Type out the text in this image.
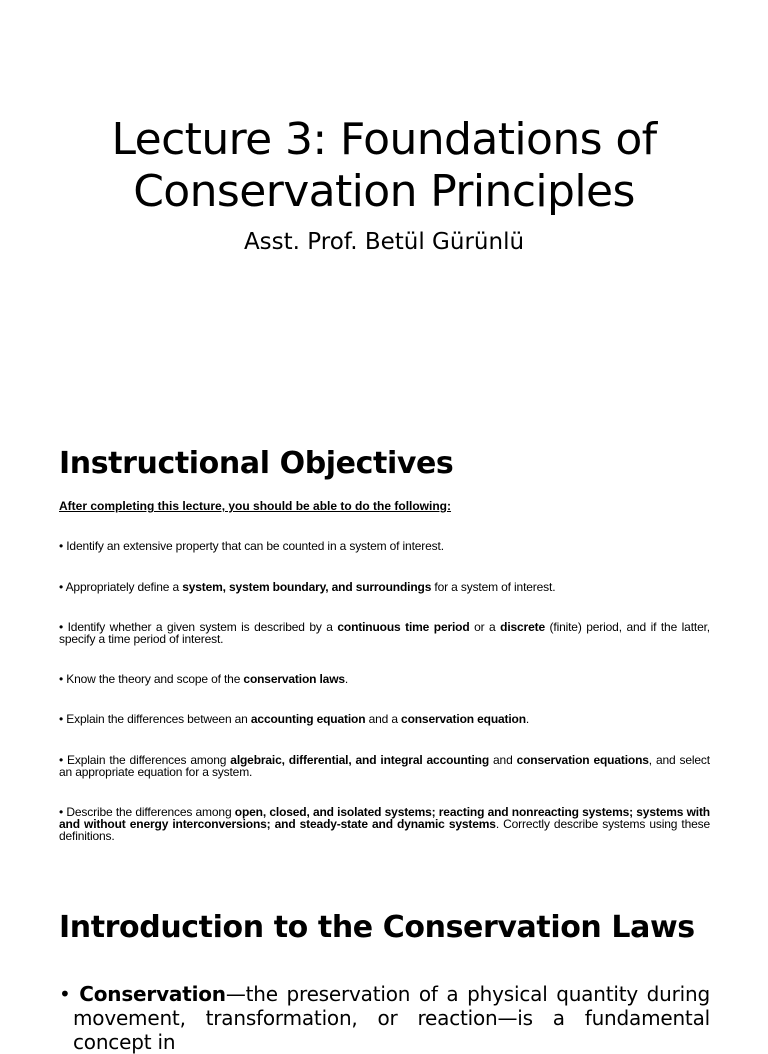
Lecture 3: Foundations of
Conservation Principles
Asst. Prof. Betül Gürünlü
Instructional Objectives
After completing this lecture, you should be able to do the following:
• Identify an extensive property that can be counted in a system of interest.
• Appropriately define a system, system boundary, and surroundings for a system of interest.
• Identify whether a given system is described by a continuous time period or a discrete (finite) period, and if the latter, specify a time period of interest.
• Know the theory and scope of the conservation laws.
• Explain the differences between an accounting equation and a conservation equation.
• Explain the differences among algebraic, differential, and integral accounting and conservation equations, and select an appropriate equation for a system.
• Describe the differences among open, closed, and isolated systems; reacting and nonreacting systems; systems with and without energy interconversions; and steady-state and dynamic systems. Correctly describe systems using these definitions.
Introduction to the Conservation Laws
• Conservation—the preservation of a physical quantity during
movement, transformation, or reaction—is a fundamental concept in
